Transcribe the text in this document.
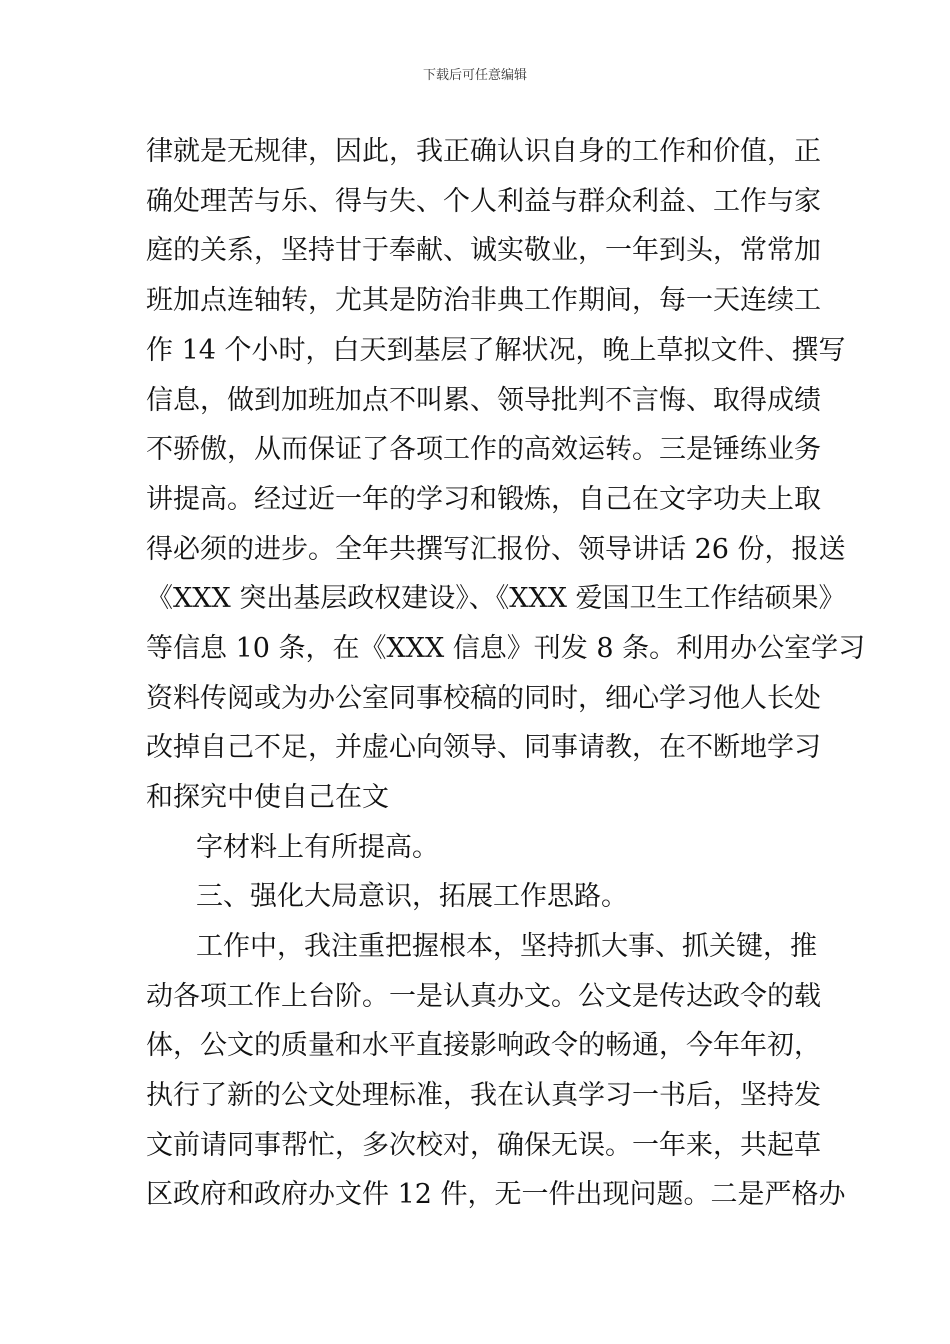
下载后可任意编辑
律就是无规律，因此，我正确认识自身的工作和价值，正
确处理苦与乐、得与失、个人利益与群众利益、工作与家
庭的关系，坚持甘于奉献、诚实敬业，一年到头，常常加
班加点连轴转，尤其是防治非典工作期间，每一天连续工
作 14 个小时，白天到基层了解状况，晚上草拟文件、撰写
信息，做到加班加点不叫累、领导批判不言悔、取得成绩
不骄傲，从而保证了各项工作的高效运转。三是锤练业务
讲提高。经过近一年的学习和锻炼，自己在文字功夫上取
得必须的进步。全年共撰写汇报份、领导讲话 26 份，报送
《XXX 突出基层政权建设》、《XXX 爱国卫生工作结硕果》
等信息 10 条，在《XXX 信息》刊发 8 条。利用办公室学习
资料传阅或为办公室同事校稿的同时，细心学习他人长处
改掉自己不足，并虚心向领导、同事请教，在不断地学习
和探究中使自己在文
字材料上有所提高。
三、强化大局意识，拓展工作思路。
工作中，我注重把握根本，坚持抓大事、抓关键，推
动各项工作上台阶。一是认真办文。公文是传达政令的载
体，公文的质量和水平直接影响政令的畅通，今年年初，
执行了新的公文处理标准，我在认真学习一书后，坚持发
文前请同事帮忙，多次校对，确保无误。一年来，共起草
区政府和政府办文件 12 件，无一件出现问题。二是严格办
